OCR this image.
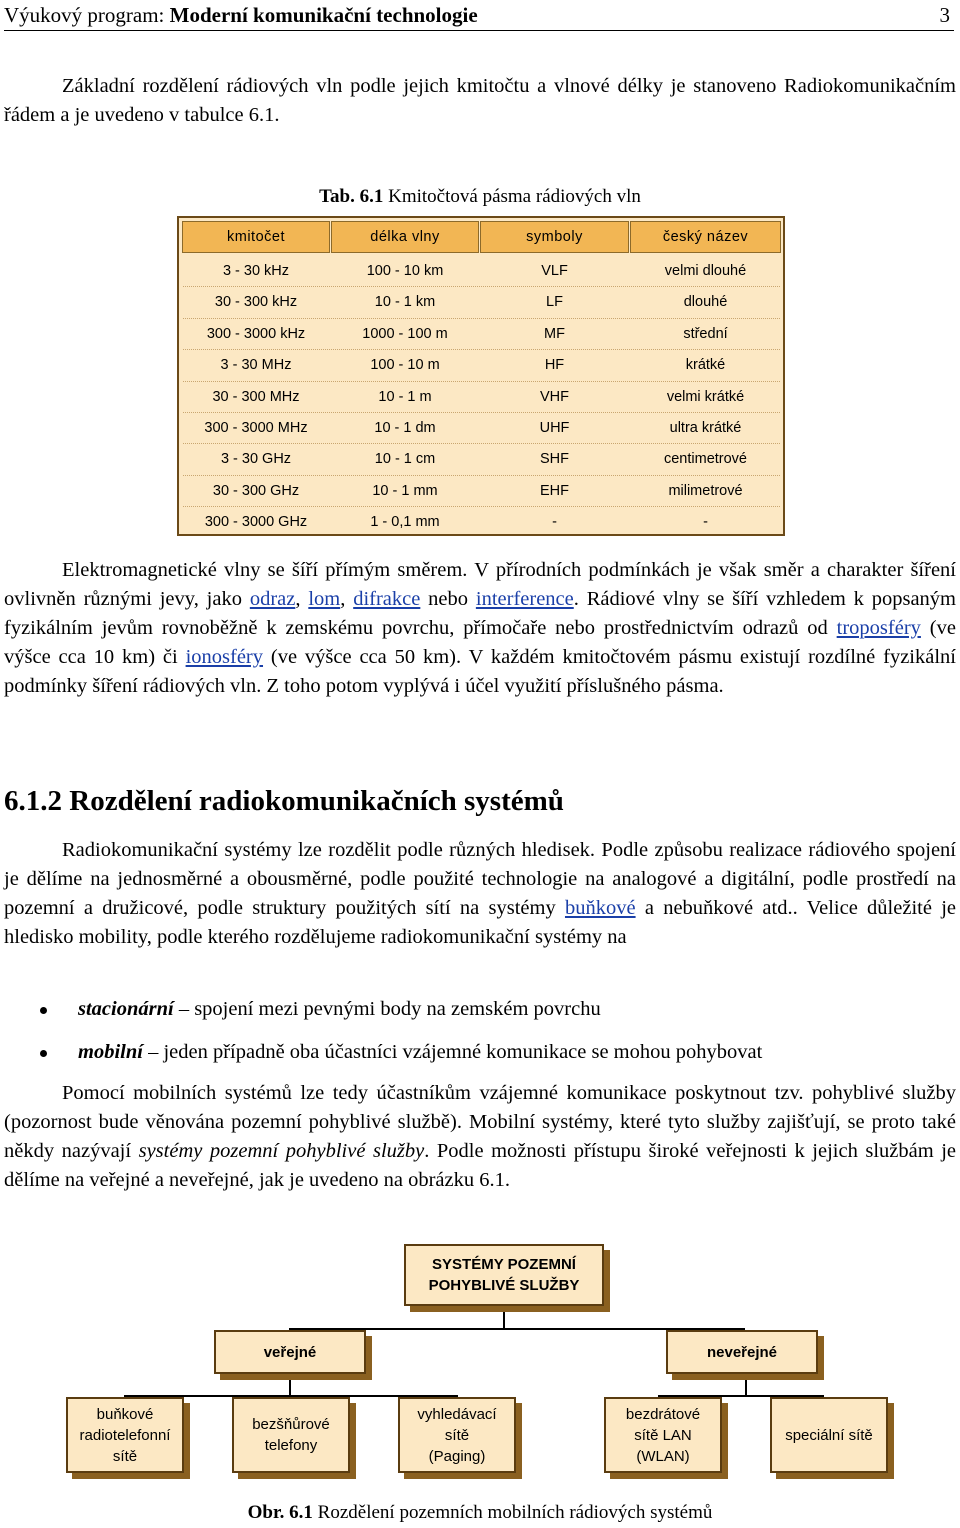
Výukový program: Moderní komunikační technologie	3
Základní rozdělení rádiových vln podle jejich kmitočtu a vlnové délky je stanoveno Radiokomunikačním řádem a je uvedeno v tabulce 6.1.
Tab. 6.1 Kmitočtová pásma rádiových vln
kmitočet	délka vlny	symboly	český název
3 - 30 kHz	100 - 10 km	VLF	velmi dlouhé
30 - 300 kHz	10 - 1 km	LF	dlouhé
300 - 3000 kHz	1000 - 100 m	MF	střední
3 - 30 MHz	100 - 10 m	HF	krátké
30 - 300 MHz	10 - 1 m	VHF	velmi krátké
300 - 3000 MHz	10 - 1 dm	UHF	ultra krátké
3 - 30 GHz	10 - 1 cm	SHF	centimetrové
30 - 300 GHz	10 - 1 mm	EHF	milimetrové
300 - 3000 GHz	1 - 0,1 mm	-	-
Elektromagnetické vlny se šíří přímým směrem. V přírodních podmínkách je však směr a charakter šíření ovlivněn různými jevy, jako odraz, lom, difrakce nebo interference. Rádiové vlny se šíří vzhledem k popsaným fyzikálním jevům rovnoběžně k zemskému povrchu, přímočaře nebo prostřednictvím odrazů od troposféry (ve výšce cca 10 km) či ionosféry (ve výšce cca 50 km). V každém kmitočtovém pásmu existují rozdílné fyzikální podmínky šíření rádiových vln. Z toho potom vyplývá i účel využití příslušného pásma.
6.1.2 Rozdělení radiokomunikačních systémů
Radiokomunikační systémy lze rozdělit podle různých hledisek. Podle způsobu realizace rádiového spojení je dělíme na jednosměrné a obousměrné, podle použité technologie na analogové a digitální, podle prostředí na pozemní a družicové, podle struktury použitých sítí na systémy buňkové a nebuňkové atd.. Velice důležité je hledisko mobility, podle kterého rozdělujeme radiokomunikační systémy na
stacionární – spojení mezi pevnými body na zemském povrchu
mobilní – jeden případně oba účastníci vzájemné komunikace se mohou pohybovat
Pomocí mobilních systémů lze tedy účastníkům vzájemné komunikace poskytnout tzv. pohyblivé služby (pozornost bude věnována pozemní pohyblivé službě). Mobilní systémy, které tyto služby zajišťují, se proto také někdy nazývají systémy pozemní pohyblivé služby. Podle možnosti přístupu široké veřejnosti k jejich službám je dělíme na veřejné a neveřejné, jak je uvedeno na obrázku 6.1.
SYSTÉMY POZEMNÍ
POHYBLIVÉ SLUŽBY
veřejné	neveřejné
buňkové
radiotelefonní
sítě
bezšňůrové
telefony
vyhledávací
sítě
(Paging)
bezdrátové
sítě LAN
(WLAN)
speciální sítě
Obr. 6.1 Rozdělení pozemních mobilních rádiových systémů
